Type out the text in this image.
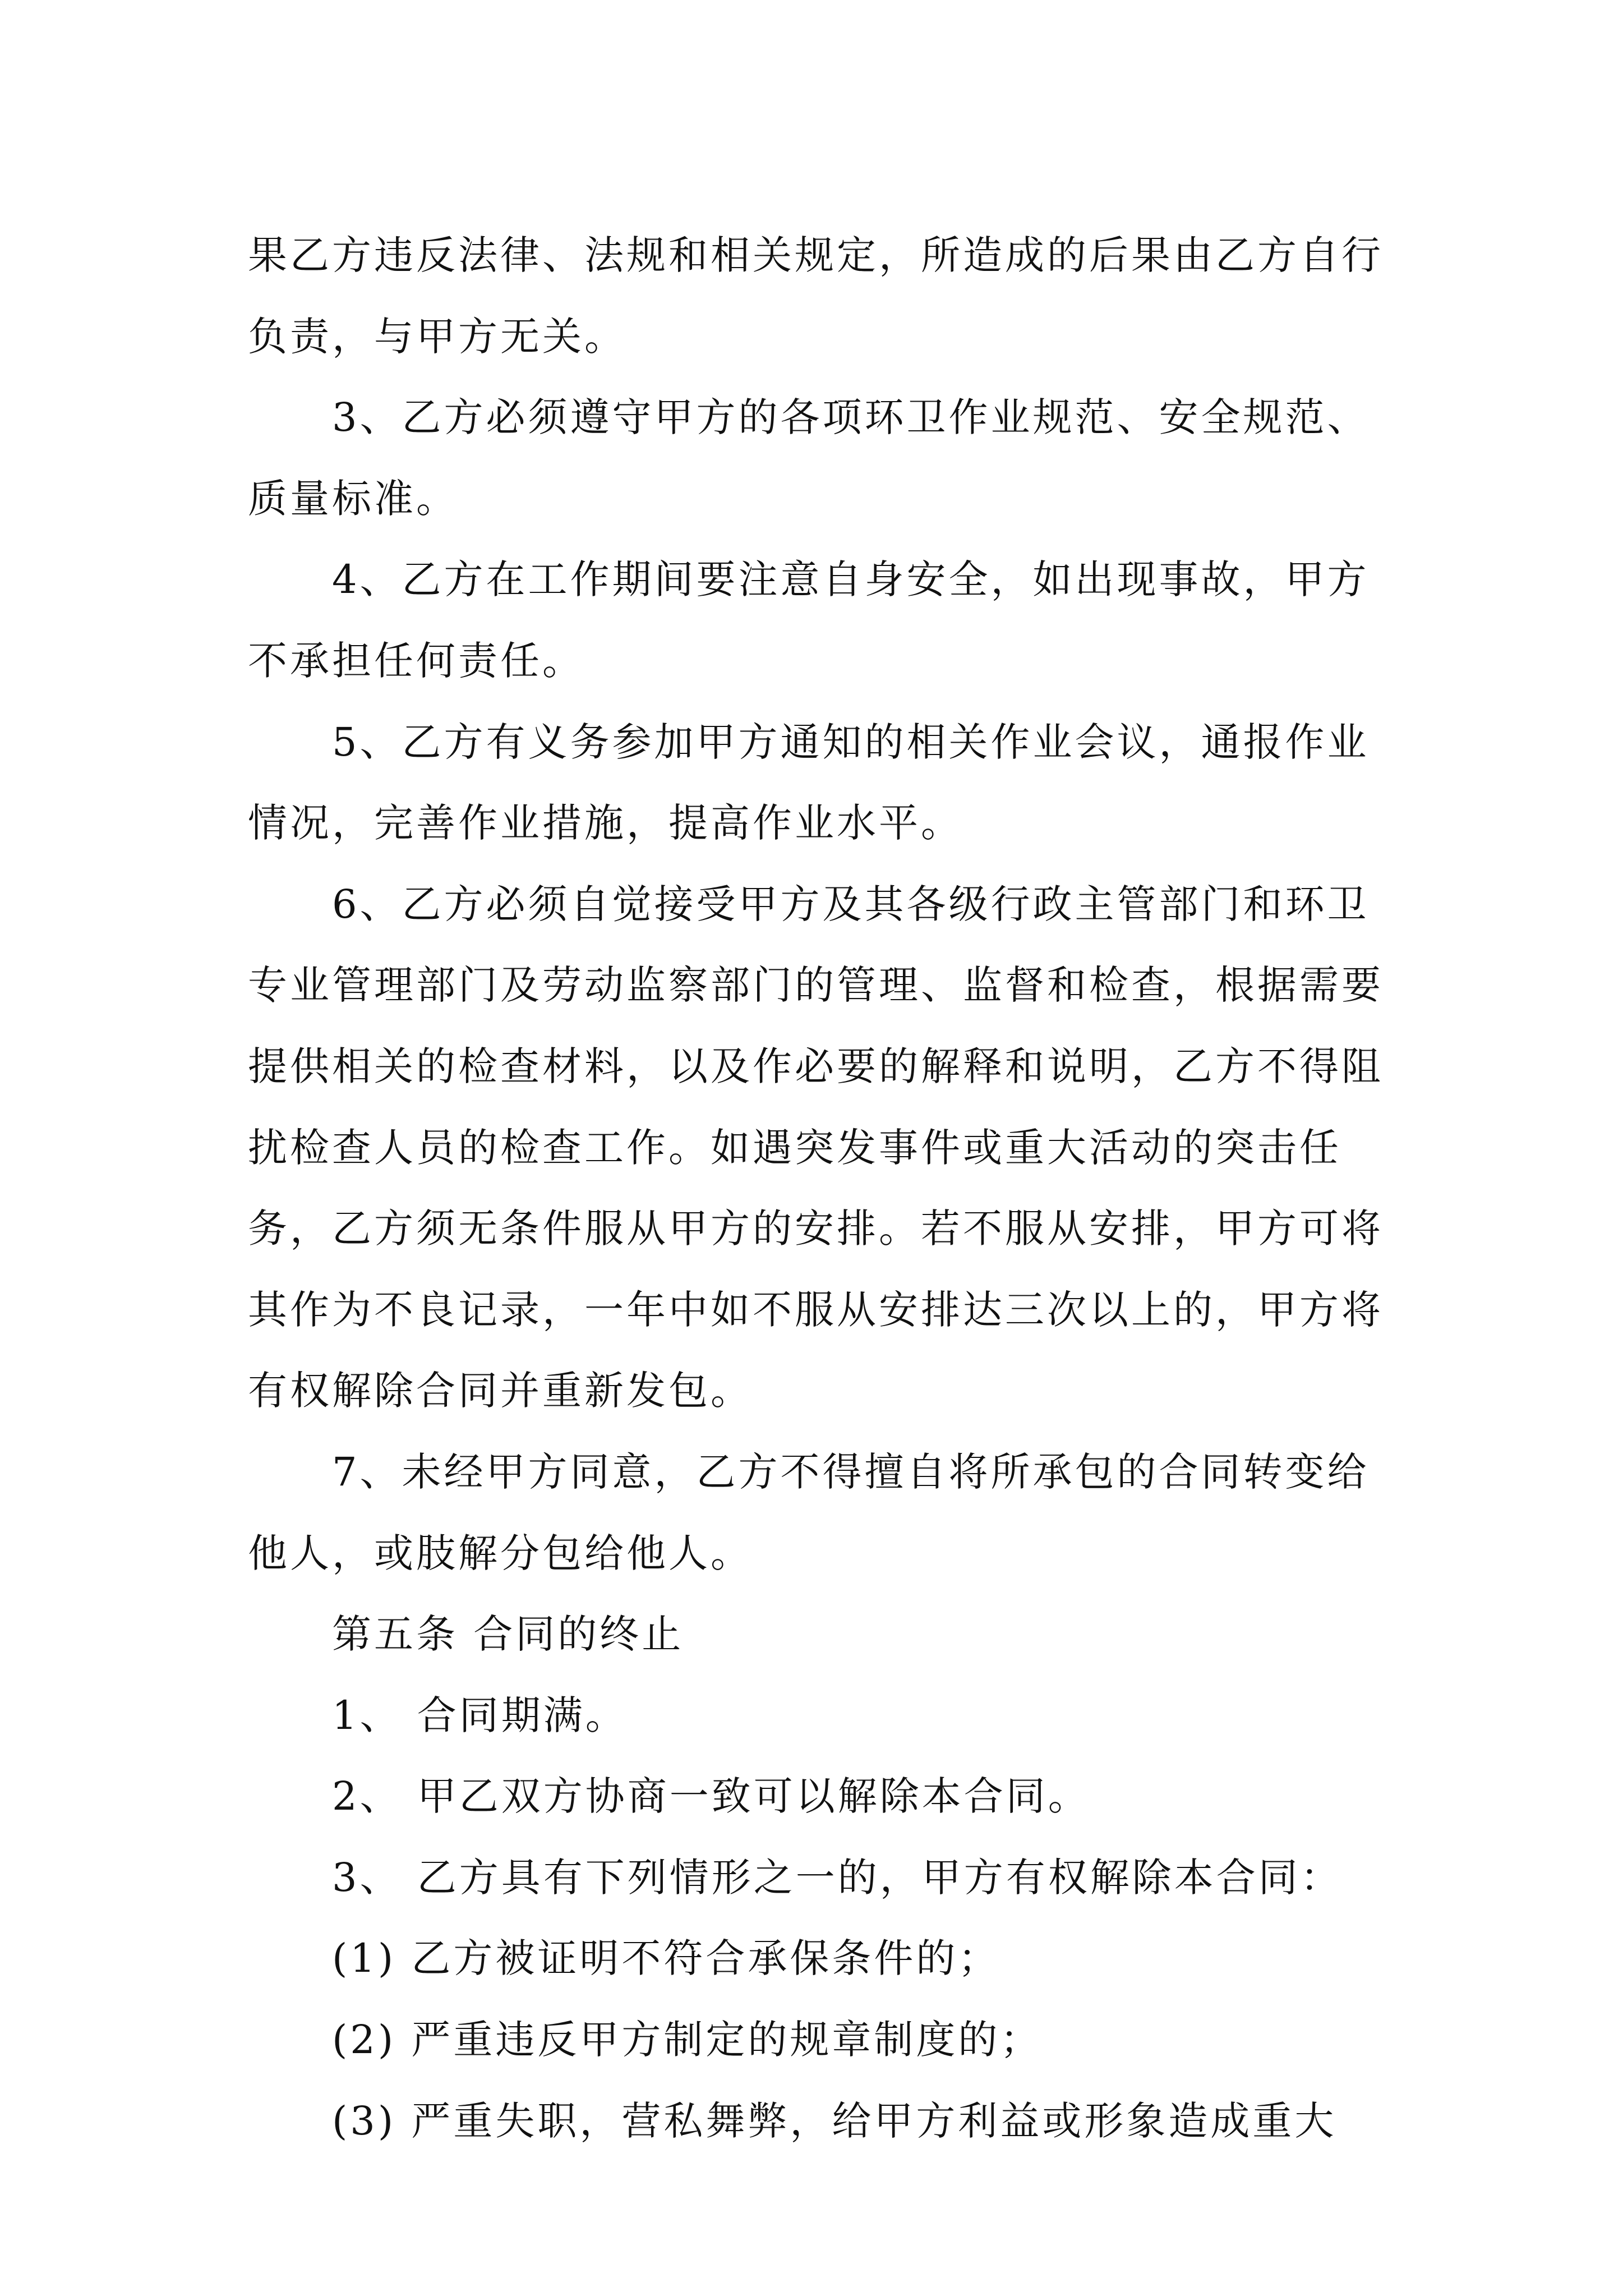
果乙方违反法律、法规和相关规定，所造成的后果由乙方自行负责，与甲方无关。

3、乙方必须遵守甲方的各项环卫作业规范、安全规范、质量标准。

4、乙方在工作期间要注意自身安全，如出现事故，甲方不承担任何责任。

5、乙方有义务参加甲方通知的相关作业会议，通报作业情况，完善作业措施，提高作业水平。

6、乙方必须自觉接受甲方及其各级行政主管部门和环卫专业管理部门及劳动监察部门的管理、监督和检查，根据需要提供相关的检查材料，以及作必要的解释和说明，乙方不得阻扰检查人员的检查工作。如遇突发事件或重大活动的突击任务，乙方须无条件服从甲方的安排。若不服从安排，甲方可将其作为不良记录，一年中如不服从安排达三次以上的，甲方将有权解除合同并重新发包。

7、未经甲方同意，乙方不得擅自将所承包的合同转变给他人，或肢解分包给他人。

第五条 合同的终止

1、 合同期满。

2、 甲乙双方协商一致可以解除本合同。

3、 乙方具有下列情形之一的，甲方有权解除本合同：

(1) 乙方被证明不符合承保条件的；

(2) 严重违反甲方制定的规章制度的；

(3) 严重失职，营私舞弊，给甲方利益或形象造成重大
